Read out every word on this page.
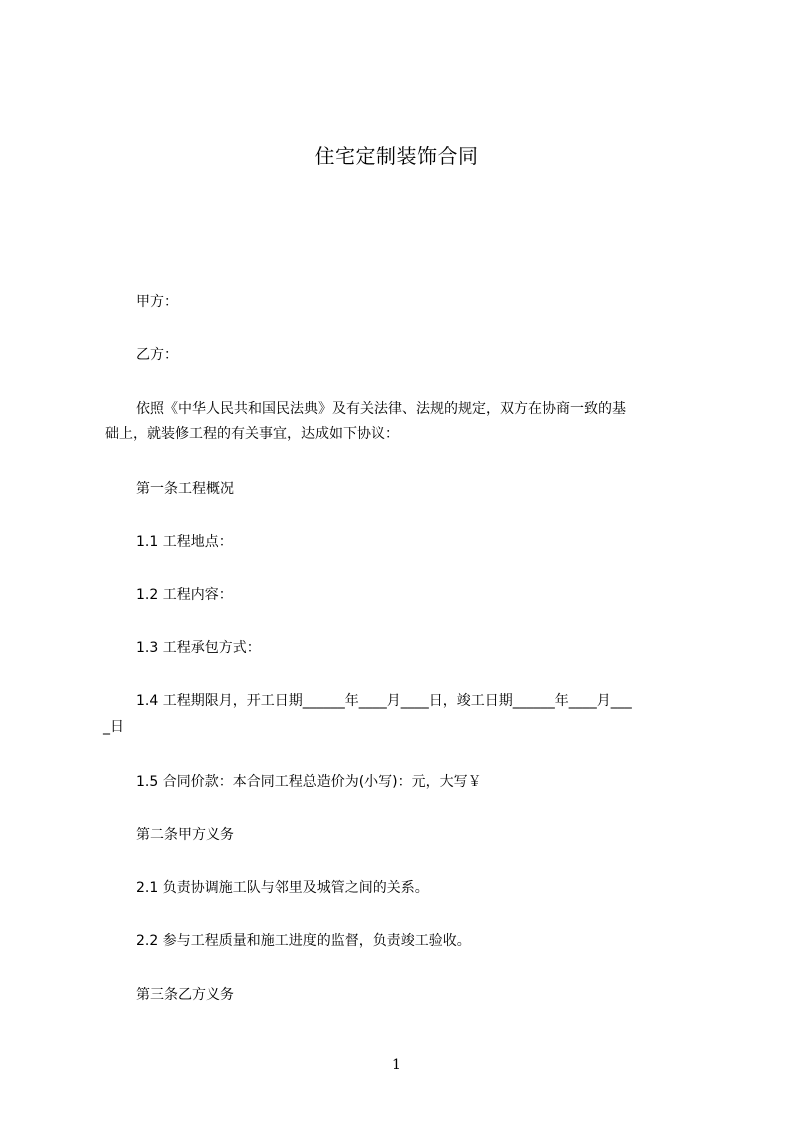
住宅定制装饰合同
甲方：
乙方：
依照《中华人民共和国民法典》及有关法律、法规的规定，双方在协商一致的基
础上，就装修工程的有关事宜，达成如下协议：
第一条工程概况
1.1 工程地点：
1.2 工程内容：
1.3 工程承包方式：
1.4 工程期限月，开工日期______年____月____日，竣工日期______年____月___
_日
1.5 合同价款：本合同工程总造价为(小写)：元，大写￥
第二条甲方义务
2.1 负责协调施工队与邻里及城管之间的关系。
2.2 参与工程质量和施工进度的监督，负责竣工验收。
第三条乙方义务
1
